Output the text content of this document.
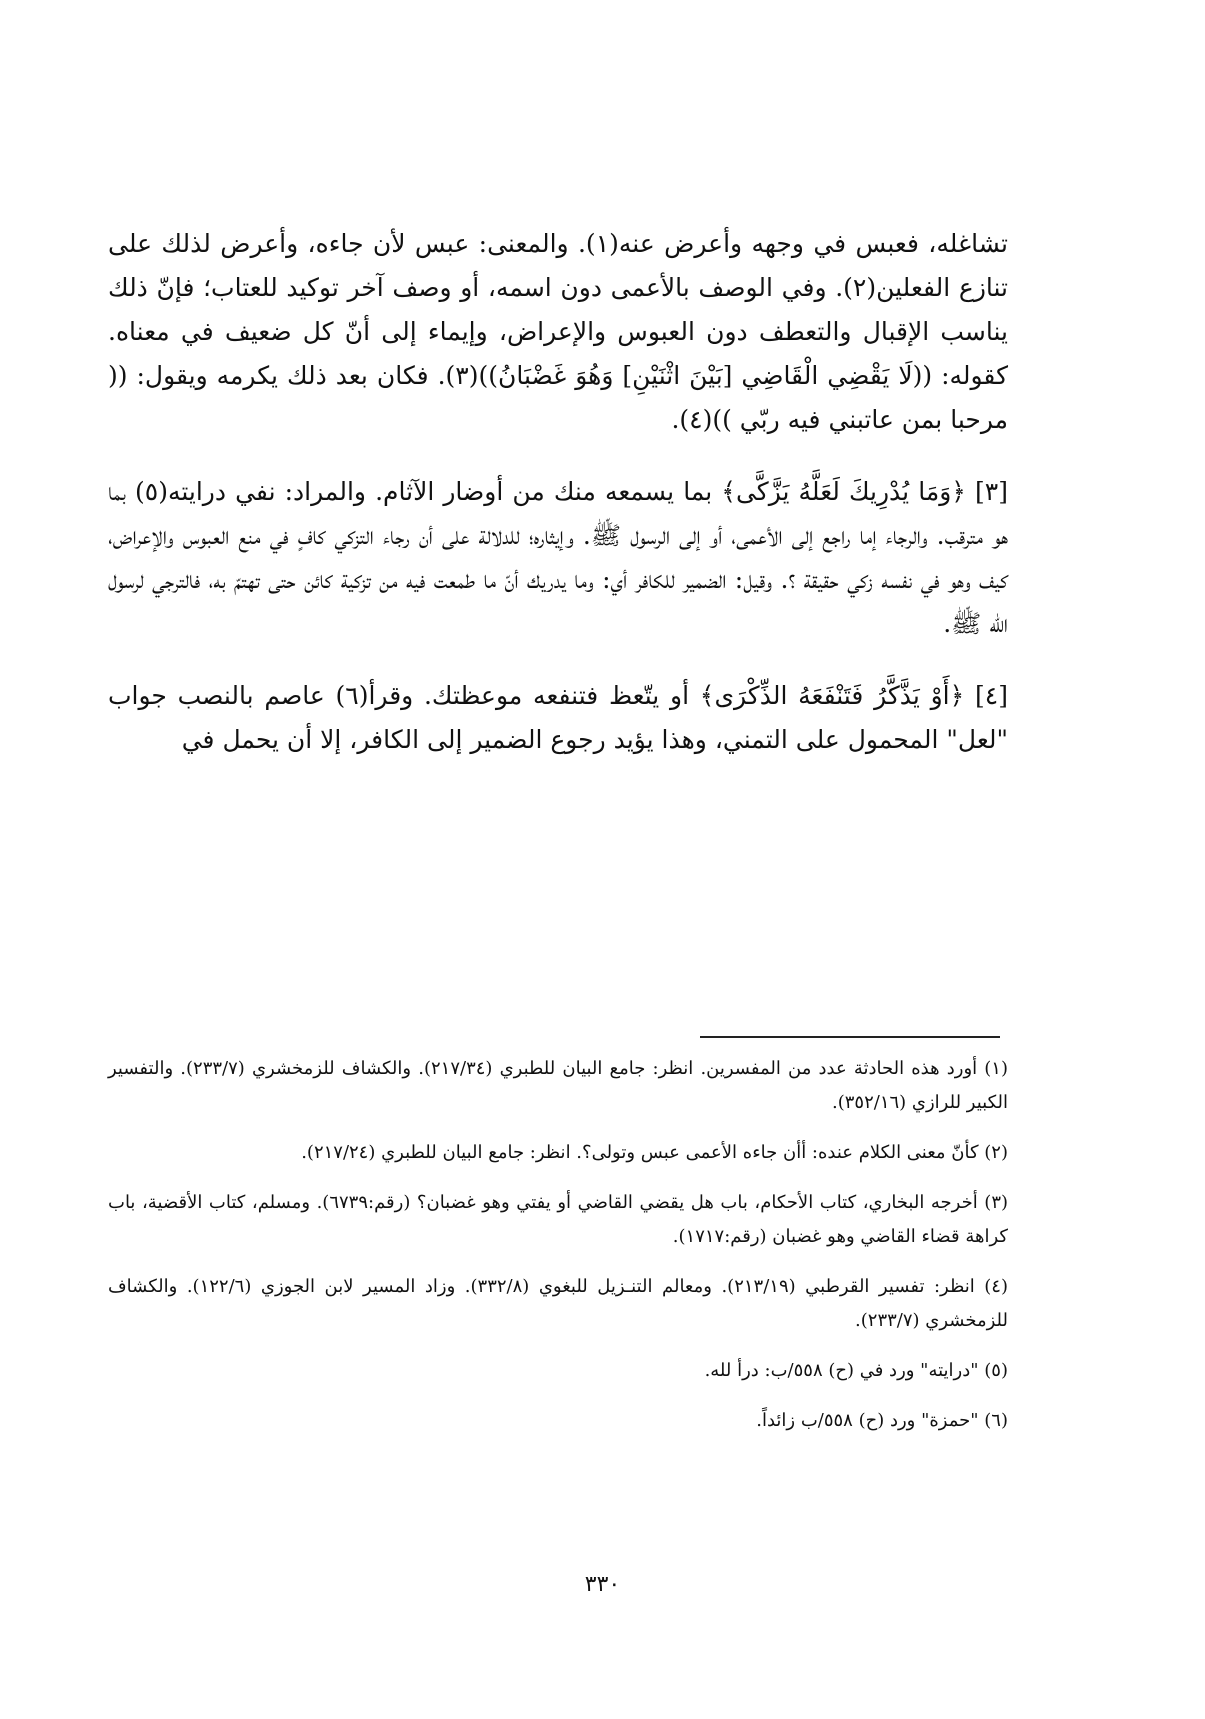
تشاغله، فعبس في وجهه وأعرض عنه(١). والمعنى: عبس لأن جاءه، وأعرض لذلك على تنازع الفعلين(٢). وفي الوصف بالأعمى دون اسمه، أو وصف آخر توكيد للعتاب؛ فإنّ ذلك يناسب الإقبال والتعطف دون العبوس والإعراض، وإيماء إلى أنّ كل ضعيف في معناه. كقوله: ((لَا يَقْضِي الْقَاضِي [بَيْنَ اثْنَيْنِ] وَهُوَ غَضْبَانُ))(٣). فكان بعد ذلك يكرمه ويقول: (( مرحبا بمن عاتبني فيه ربّي ))(٤).

[٣] ﴿وَمَا يُدْرِيكَ لَعَلَّهُ يَزَّكَّى﴾ بما يسمعه منك من أوضار الآثام. والمراد: نفي درايته(٥) بما هو مترقب. والرجاء إما راجع إلى الأعمى، أو إلى الرسول ﷺ. وإيثاره؛ للدلالة على أن رجاء التزكي كافٍ في منع العبوس والإعراض، كيف وهو في نفسه زكي حقيقة ؟. وقيل: الضمير للكافر أي: وما يدريك أنّ ما طمعت فيه من تزكية كائن حتى تهتمّ به، فالترجي لرسول الله ﷺ.

[٤] ﴿أَوْ يَذَّكَّرُ فَتَنْفَعَهُ الذِّكْرَى﴾ أو يتّعظ فتنفعه موعظتك. وقرأ(٦) عاصم بالنصب جواب "لعل" المحمول على التمني، وهذا يؤيد رجوع الضمير إلى الكافر، إلا أن يحمل في

(١) أورد هذه الحادثة عدد من المفسرين. انظر: جامع البيان للطبري (٢١٧/٣٤). والكشاف للزمخشري (٢٣٣/٧). والتفسير الكبير للرازي (٣٥٢/١٦).

(٢) كأنّ معنى الكلام عنده: أأن جاءه الأعمى عبس وتولى؟. انظر: جامع البيان للطبري (٢١٧/٢٤).

(٣) أخرجه البخاري، كتاب الأحكام، باب هل يقضي القاضي أو يفتي وهو غضبان؟ (رقم:٦٧٣٩). ومسلم، كتاب الأقضية، باب كراهة قضاء القاضي وهو غضبان (رقم:١٧١٧).

(٤) انظر: تفسير القرطبي (٢١٣/١٩). ومعالم التنـزيل للبغوي (٣٣٢/٨). وزاد المسير لابن الجوزي (١٢٢/٦). والكشاف للزمخشري (٢٣٣/٧).

(٥) "درايته" ورد في (ح) ٥٥٨/ب: درأ لله.

(٦) "حمزة" ورد (ح) ٥٥٨/ب زائداً.

٣٣٠
